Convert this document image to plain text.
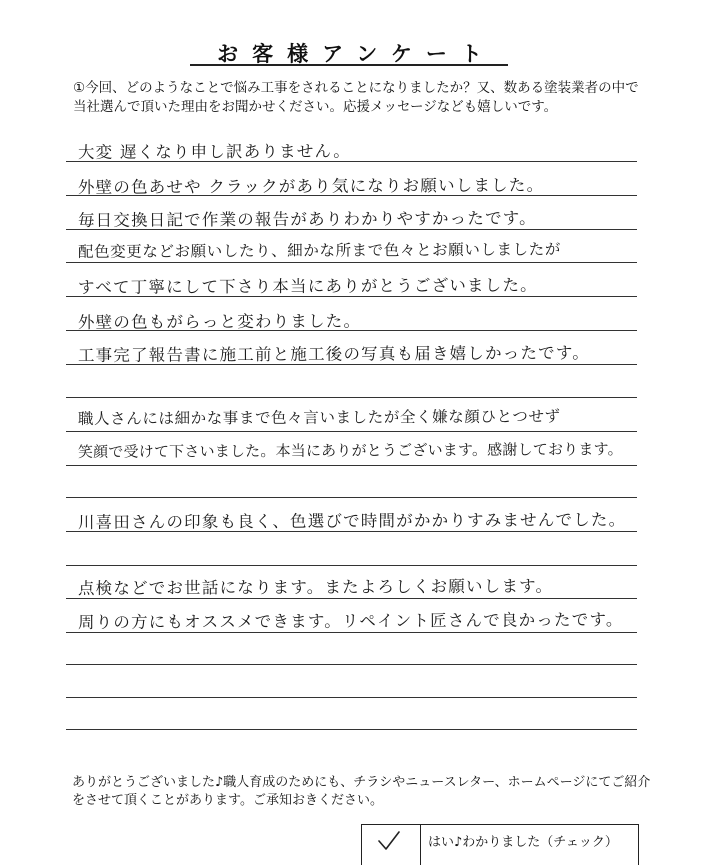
お客様アンケート
①今回、どのようなことで悩み工事をされることになりましたか？又、数ある塗装業者の中で当社選んで頂いた理由をお聞かせください。応援メッセージなども嬉しいです。
大変 遅くなり申し訳ありません。
外壁の色あせや クラックがあり気になりお願いしました。
毎日交換日記で作業の報告がありわかりやすかったです。
配色変更などお願いしたり、細かな所まで色々とお願いしましたが
すべて丁寧にして下さり本当にありがとうございました。
外壁の色もがらっと変わりました。
工事完了報告書に施工前と施工後の写真も届き嬉しかったです。
職人さんには細かな事まで色々言いましたが全く嫌な顔ひとつせず
笑顔で受けて下さいました。本当にありがとうございます。感謝しております。
川喜田さんの印象も良く、色選びで時間がかかりすみませんでした。
点検などでお世話になります。またよろしくお願いします。
周りの方にもオススメできます。リペイント匠さんで良かったです。
ありがとうございました♪職人育成のためにも、チラシやニュースレター、ホームページにてご紹介をさせて頂くことがあります。ご承知おきください。
はい♪わかりました（チェック）
